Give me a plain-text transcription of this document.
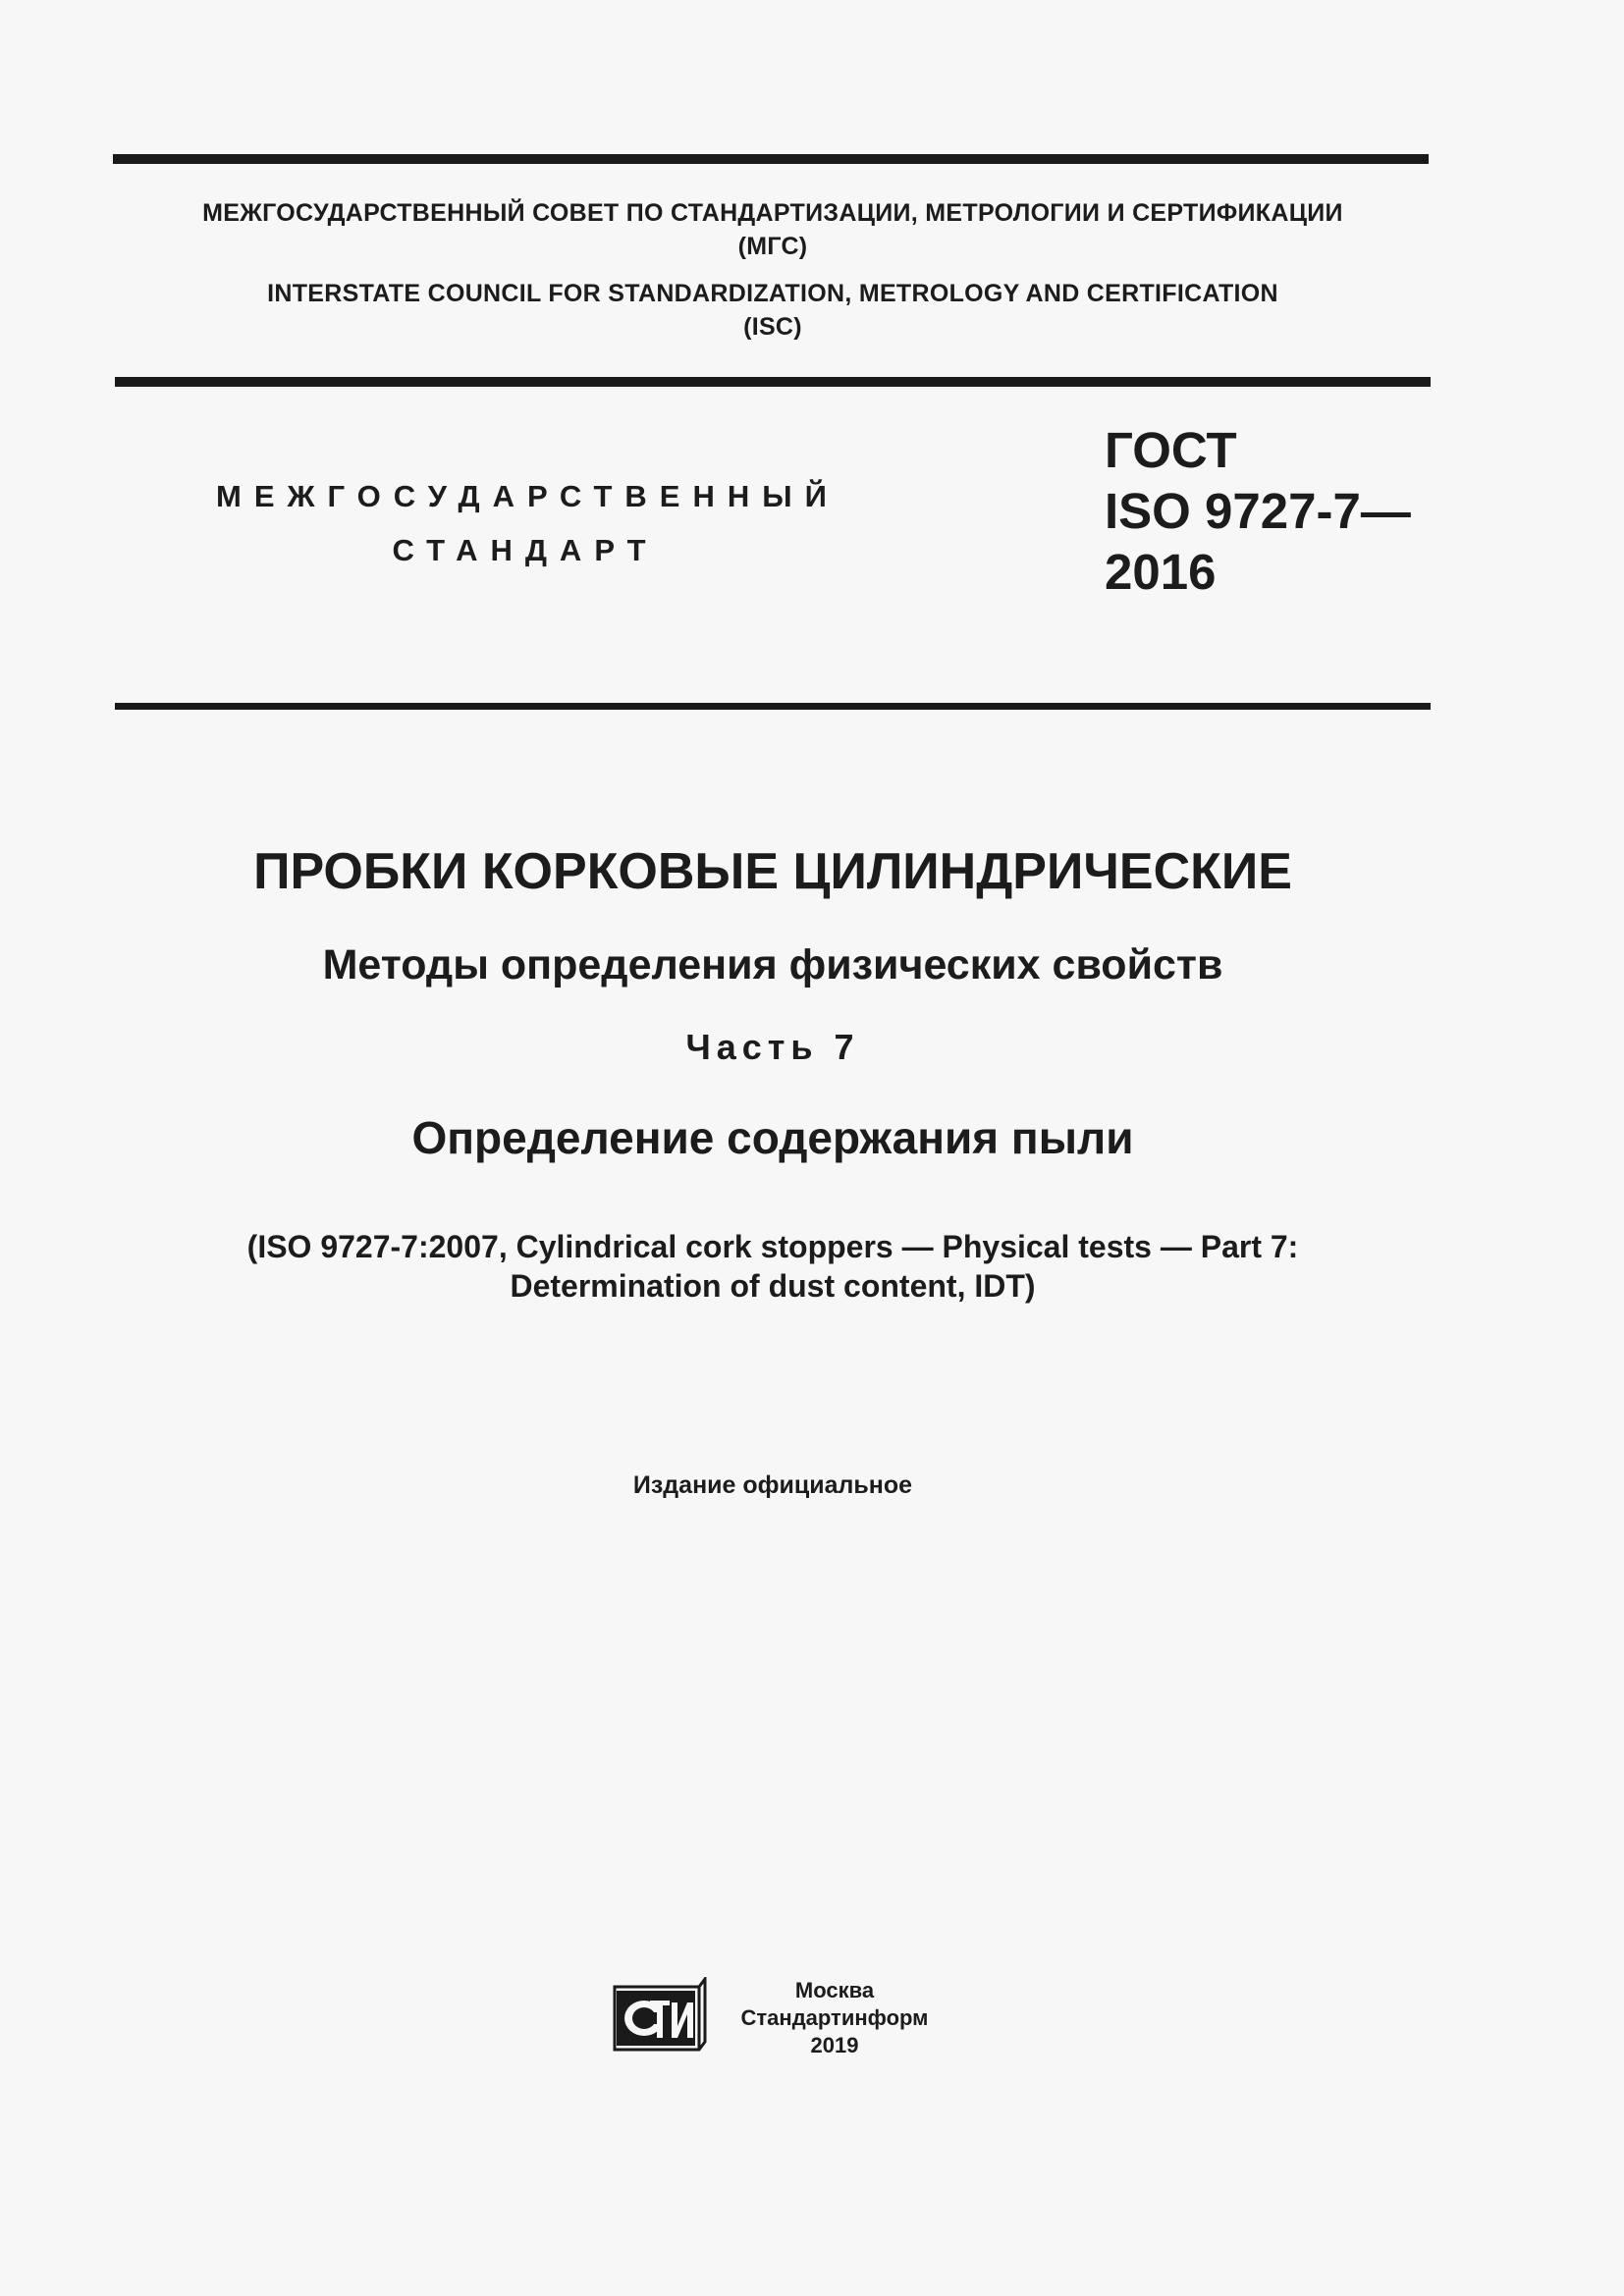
МЕЖГОСУДАРСТВЕННЫЙ СОВЕТ ПО СТАНДАРТИЗАЦИИ, МЕТРОЛОГИИ И СЕРТИФИКАЦИИ
(МГС)
INTERSTATE COUNCIL FOR STANDARDIZATION, METROLOGY AND CERTIFICATION
(ISC)
МЕЖГОСУДАРСТВЕННЫЙ
СТАНДАРТ
ГОСТ
ISO 9727-7—
2016
ПРОБКИ КОРКОВЫЕ ЦИЛИНДРИЧЕСКИЕ
Методы определения физических свойств
Часть 7
Определение содержания пыли
(ISO 9727-7:2007, Cylindrical cork stoppers — Physical tests — Part 7:
Determination of dust content, IDT)
Издание официальное
Москва
Стандартинформ
2019
